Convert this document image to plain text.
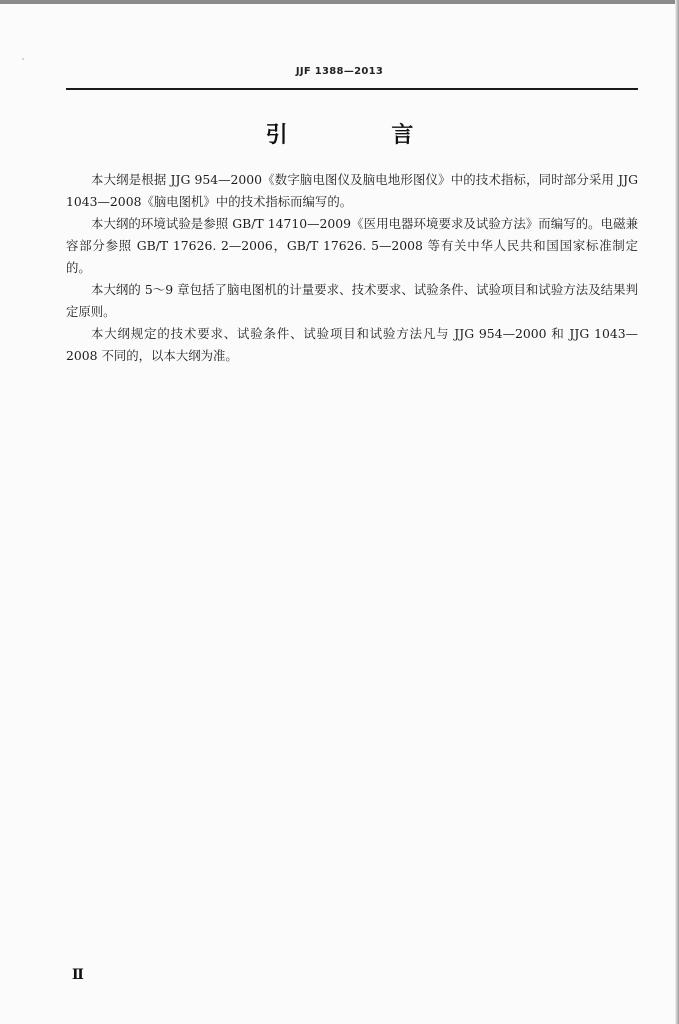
JJF 1388—2013
引 言

本大纲是根据 JJG 954—2000《数字脑电图仪及脑电地形图仪》中的技术指标，同时部分采用 JJG 1043—2008《脑电图机》中的技术指标而编写的。

本大纲的环境试验是参照 GB/T 14710—2009《医用电器环境要求及试验方法》而编写的。电磁兼容部分参照 GB/T 17626. 2—2006，GB/T 17626. 5—2008 等有关中华人民共和国国家标准制定的。

本大纲的 5～9 章包括了脑电图机的计量要求、技术要求、试验条件、试验项目和试验方法及结果判定原则。

本大纲规定的技术要求、试验条件、试验项目和试验方法凡与 JJG 954—2000 和 JJG 1043—2008 不同的，以本大纲为准。

Ⅱ
